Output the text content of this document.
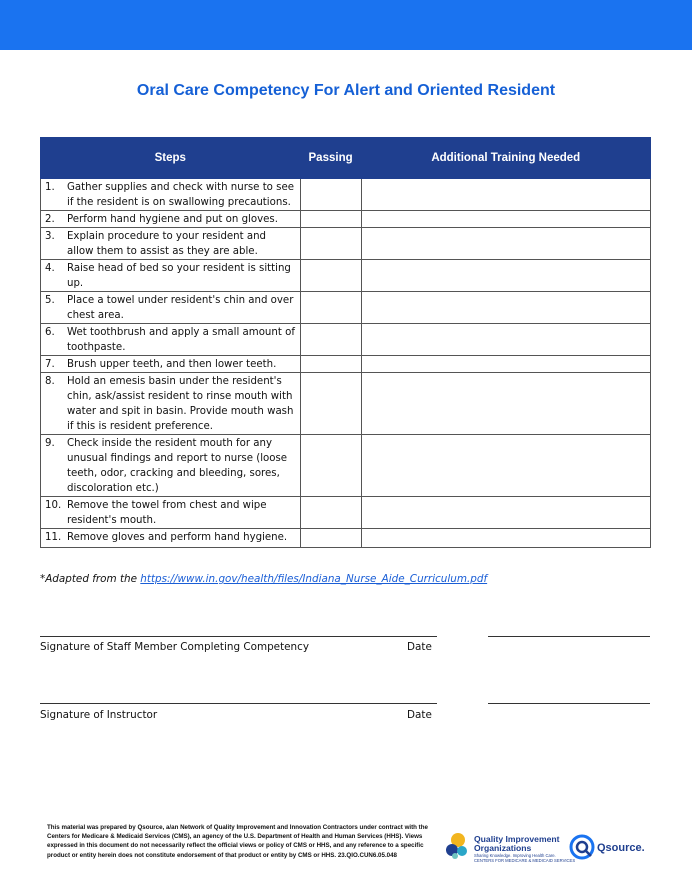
Oral Care Competency For Alert and Oriented Resident
Steps	Passing	Additional Training Needed

1. Gather supplies and check with nurse to see if the resident is on swallowing precautions.		

2. Perform hand hygiene and put on gloves.		

3. Explain procedure to your resident and allow them to assist as they are able.		

4. Raise head of bed so your resident is sitting up.		

5. Place a towel under resident's chin and over chest area.		

6. Wet toothbrush and apply a small amount of toothpaste.		

7. Brush upper teeth, and then lower teeth.		

8. Hold an emesis basin under the resident's chin, ask/assist resident to rinse mouth with water and spit in basin. Provide mouth wash if this is resident preference.		

9. Check inside the resident mouth for any unusual findings and report to nurse (loose teeth, odor, cracking and bleeding, sores, discoloration etc.)		

10. Remove the towel from chest and wipe resident's mouth.		

11. Remove gloves and perform hand hygiene.		

*Adapted from the https://www.in.gov/health/files/Indiana_Nurse_Aide_Curriculum.pdf
Signature of Staff Member Completing Competency	Date
Signature of Instructor	Date
This material was prepared by Qsource, a/an Network of Quality Improvement and Innovation Contractors under contract with the Centers for Medicare & Medicaid Services (CMS), an agency of the U.S. Department of Health and Human Services (HHS). Views expressed in this document do not necessarily reflect the official views or policy of CMS or HHS, and any reference to a specific product or entity herein does not constitute endorsement of that product or entity by CMS or HHS. 23.QIO.CUN6.05.048
Quality Improvement
Organizations
Sharing Knowledge. Improving Health Care.
CENTERS FOR MEDICARE & MEDICAID SERVICES
Qsource.
